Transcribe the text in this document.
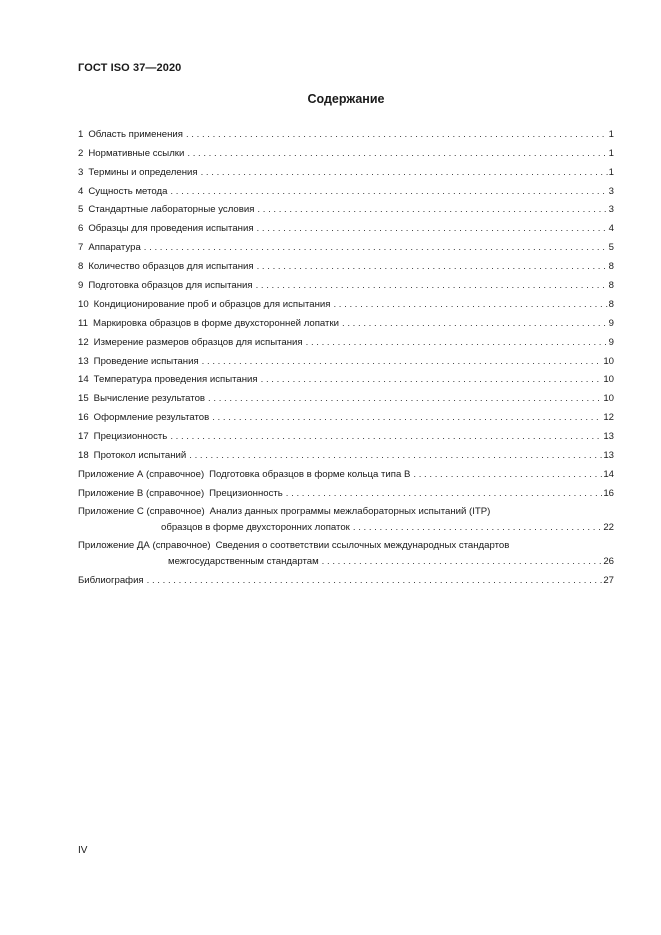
ГОСТ ISO 37—2020
Содержание
1 Область применения . . .	1
2 Нормативные ссылки . . .	1
3 Термины и определения . . .	1
4 Сущность метода . . .	3
5 Стандартные лабораторные условия . . .	3
6 Образцы для проведения испытания . . .	4
7 Аппаратура . . .	5
8 Количество образцов для испытания . . .	8
9 Подготовка образцов для испытания . . .	8
10 Кондиционирование проб и образцов для испытания . . .	8
11 Маркировка образцов в форме двухсторонней лопатки . . .	9
12 Измерение размеров образцов для испытания . . .	9
13 Проведение испытания . . .	10
14 Температура проведения испытания . . .	10
15 Вычисление результатов . . .	10
16 Оформление результатов . . .	12
17 Прецизионность . . .	13
18 Протокол испытаний . . .	13
Приложение А (справочное) Подготовка образцов в форме кольца типа В . . .	14
Приложение В (справочное) Прецизионность . . .	16
Приложение С (справочное) Анализ данных программы межлабораторных испытаний (ITP)
образцов в форме двухсторонних лопаток . . .	22
Приложение ДА (справочное) Сведения о соответствии ссылочных международных стандартов
межгосударственным стандартам . . .	26
Библиография . . .	27
IV
